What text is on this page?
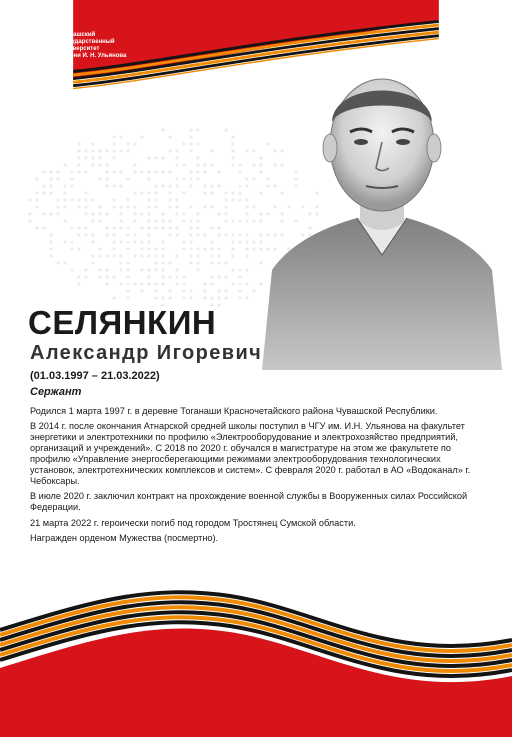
ЧГУ
Чувашский
государственный
университет
имени И. Н. Ульянова
СЕЛЯНКИН
Александр Игоревич
(01.03.1997 – 21.03.2022)
Сержант

Родился 1 марта 1997 г. в деревне Тоганаши Красночетайского района Чувашской Республики.

В 2014 г. после окончания Атнарской средней школы поступил в ЧГУ им. И.Н. Ульянова на факультет энергетики и электротехники по профилю «Электрооборудование и электрохозяйство предприятий, организаций и учреждений». С 2018 по 2020 г. обучался в магистратуре на этом же факультете по профилю «Управление энергосберегающими режимами электрооборудования технологических установок, электротехнических комплексов и систем». С февраля 2020 г. работал в АО «Водоканал» г. Чебоксары.

В июле 2020 г. заключил контракт на прохождение военной службы в Вооруженных силах Российской Федерации.

21 марта 2022 г. героически погиб под городом Тростянец Сумской области.

Награжден орденом Мужества (посмертно).
